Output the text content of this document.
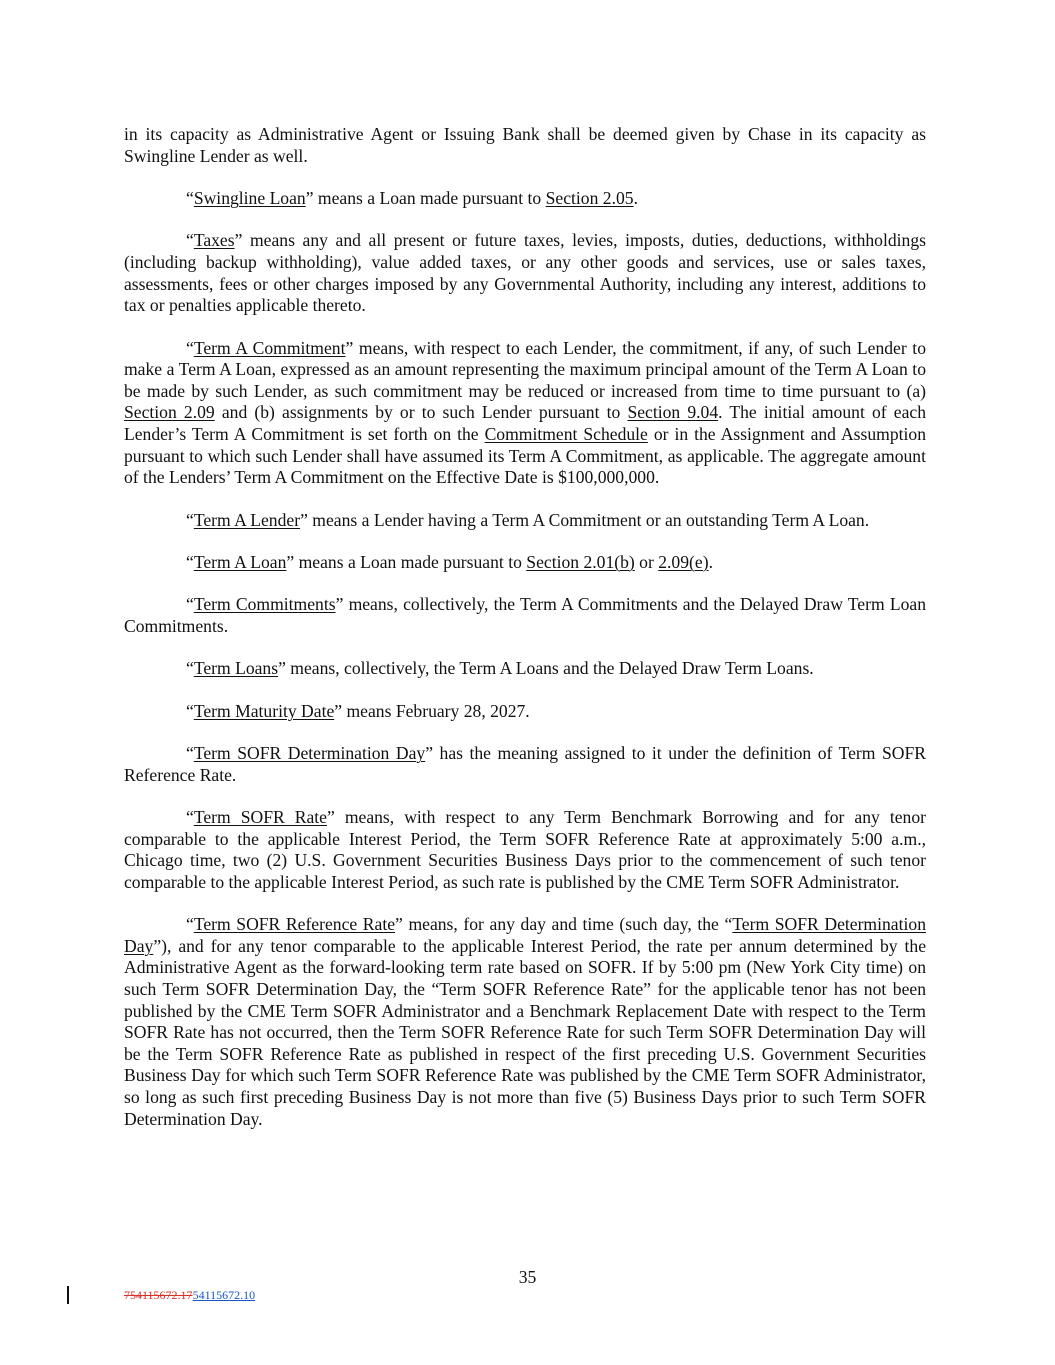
in its capacity as Administrative Agent or Issuing Bank shall be deemed given by Chase in its capacity as Swingline Lender as well.

“Swingline Loan” means a Loan made pursuant to Section 2.05.

“Taxes” means any and all present or future taxes, levies, imposts, duties, deductions, withholdings (including backup withholding), value added taxes, or any other goods and services, use or sales taxes, assessments, fees or other charges imposed by any Governmental Authority, including any interest, additions to tax or penalties applicable thereto.

“Term A Commitment” means, with respect to each Lender, the commitment, if any, of such Lender to make a Term A Loan, expressed as an amount representing the maximum principal amount of the Term A Loan to be made by such Lender, as such commitment may be reduced or increased from time to time pursuant to (a) Section 2.09 and (b) assignments by or to such Lender pursuant to Section 9.04. The initial amount of each Lender’s Term A Commitment is set forth on the Commitment Schedule or in the Assignment and Assumption pursuant to which such Lender shall have assumed its Term A Commitment, as applicable. The aggregate amount of the Lenders’ Term A Commitment on the Effective Date is $100,000,000.

“Term A Lender” means a Lender having a Term A Commitment or an outstanding Term A Loan.

“Term A Loan” means a Loan made pursuant to Section 2.01(b) or 2.09(e).

“Term Commitments” means, collectively, the Term A Commitments and the Delayed Draw Term Loan Commitments.

“Term Loans” means, collectively, the Term A Loans and the Delayed Draw Term Loans.

“Term Maturity Date” means February 28, 2027.

“Term SOFR Determination Day” has the meaning assigned to it under the definition of Term SOFR Reference Rate.

“Term SOFR Rate” means, with respect to any Term Benchmark Borrowing and for any tenor comparable to the applicable Interest Period, the Term SOFR Reference Rate at approximately 5:00 a.m., Chicago time, two (2) U.S. Government Securities Business Days prior to the commencement of such tenor comparable to the applicable Interest Period, as such rate is published by the CME Term SOFR Administrator.

“Term SOFR Reference Rate” means, for any day and time (such day, the “Term SOFR Determination Day”), and for any tenor comparable to the applicable Interest Period, the rate per annum determined by the Administrative Agent as the forward-looking term rate based on SOFR. If by 5:00 pm (New York City time) on such Term SOFR Determination Day, the “Term SOFR Reference Rate” for the applicable tenor has not been published by the CME Term SOFR Administrator and a Benchmark Replacement Date with respect to the Term SOFR Rate has not occurred, then the Term SOFR Reference Rate for such Term SOFR Determination Day will be the Term SOFR Reference Rate as published in respect of the first preceding U.S. Government Securities Business Day for which such Term SOFR Reference Rate was published by the CME Term SOFR Administrator, so long as such first preceding Business Day is not more than five (5) Business Days prior to such Term SOFR Determination Day.

35
754115672.1754115672.10
